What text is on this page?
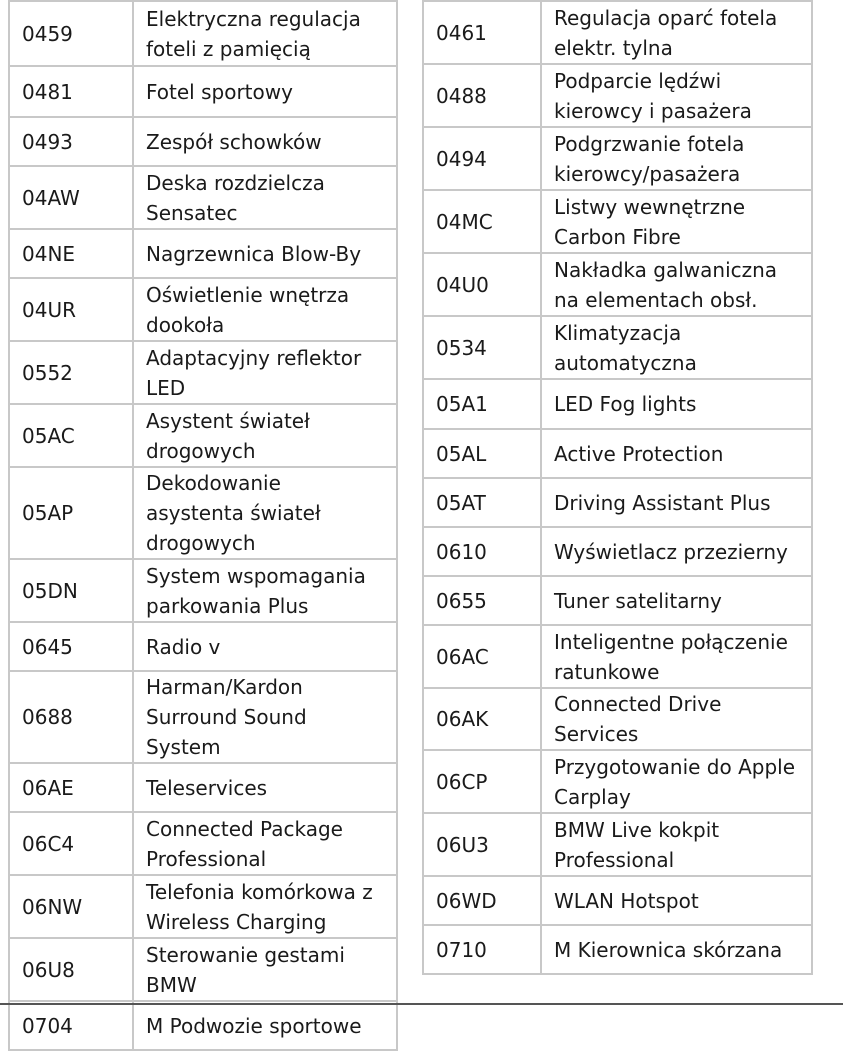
0459	Elektryczna regulacja foteli z pamięcią
0481	Fotel sportowy
0493	Zespół schowków
04AW	Deska rozdzielcza Sensatec
04NE	Nagrzewnica Blow-By
04UR	Oświetlenie wnętrza dookoła
0552	Adaptacyjny reflektor LED
05AC	Asystent świateł drogowych
05AP	Dekodowanie asystenta świateł drogowych
05DN	System wspomagania parkowania Plus
0645	Radio v
0688	Harman/Kardon Surround Sound System
06AE	Teleservices
06C4	Connected Package Professional
06NW	Telefonia komórkowa z Wireless Charging
06U8	Sterowanie gestami BMW
0704	M Podwozie sportowe
0461	Regulacja oparć fotela elektr. tylna
0488	Podparcie lędźwi kierowcy i pasażera
0494	Podgrzwanie fotela kierowcy/pasażera
04MC	Listwy wewnętrzne Carbon Fibre
04U0	Nakładka galwaniczna na elementach obsł.
0534	Klimatyzacja automatyczna
05A1	LED Fog lights
05AL	Active Protection
05AT	Driving Assistant Plus
0610	Wyświetlacz przezierny
0655	Tuner satelitarny
06AC	Inteligentne połączenie ratunkowe
06AK	Connected Drive Services
06CP	Przygotowanie do Apple Carplay
06U3	BMW Live kokpit Professional
06WD	WLAN Hotspot
0710	M Kierownica skórzana
